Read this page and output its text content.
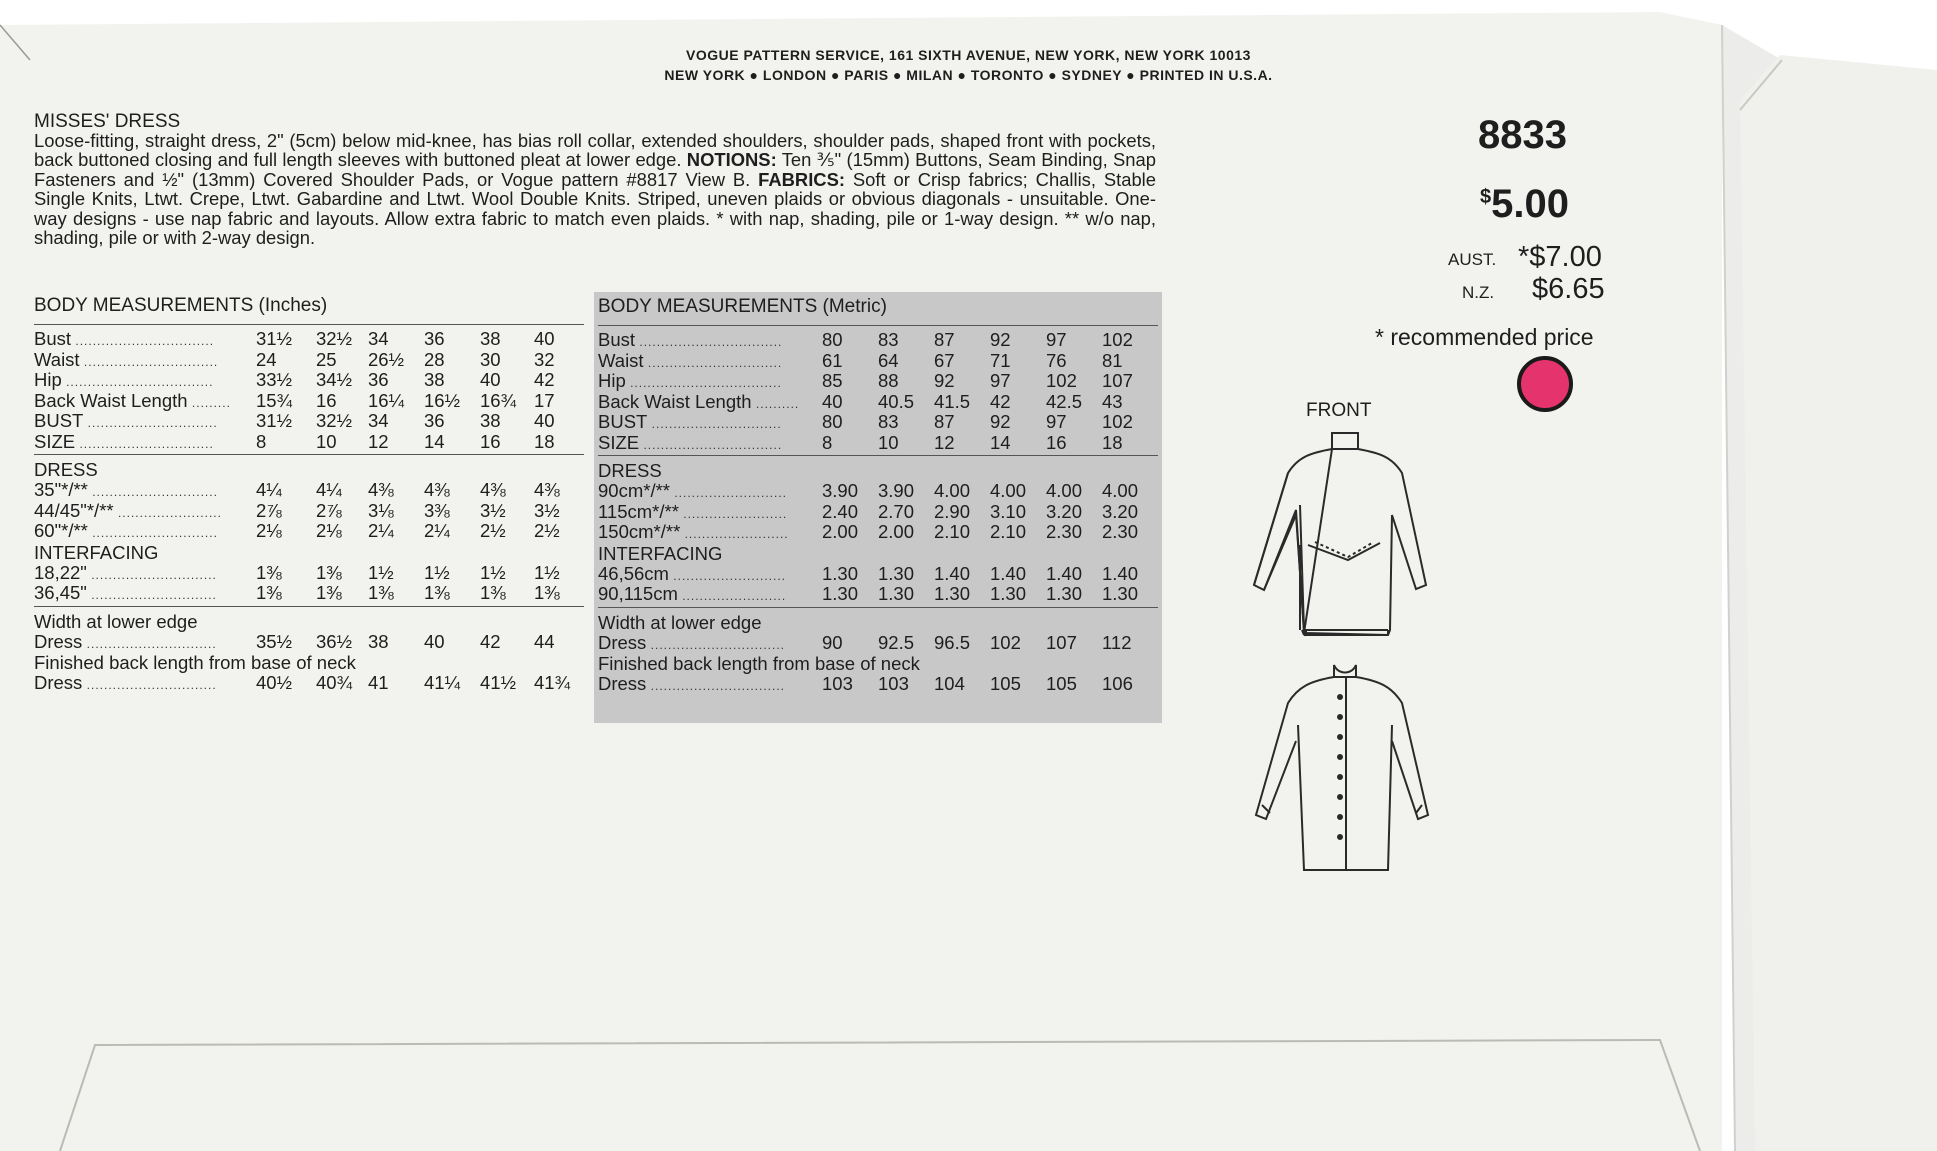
VOGUE PATTERN SERVICE, 161 SIXTH AVENUE, NEW YORK, NEW YORK 10013
NEW YORK ● LONDON ● PARIS ● MILAN ● TORONTO ● SYDNEY ● PRINTED IN U.S.A.
MISSES' DRESS
Loose-fitting, straight dress, 2" (5cm) below mid-knee, has bias roll collar, extended shoulders, shoulder pads, shaped front with pockets, back buttoned closing and full length sleeves with buttoned pleat at lower edge. NOTIONS: Ten ⅗" (15mm) Buttons, Seam Binding, Snap Fasteners and ½" (13mm) Covered Shoulder Pads, or Vogue pattern #8817 View B. FABRICS: Soft or Crisp fabrics; Challis, Stable Single Knits, Ltwt. Crepe, Ltwt. Gabardine and Ltwt. Wool Double Knits. Striped, uneven plaids or obvious diagonals - unsuitable. One-way designs - use nap fabric and layouts. Allow extra fabric to match even plaids. * with nap, shading, pile or 1-way design. ** w/o nap, shading, pile or with 2-way design.
BODY MEASUREMENTS (Inches)
Bust ................................ 31½ 32½ 34 36 38 40
Waist ............................... 24 25 26½ 28 30 32
Hip .................................. 33½ 34½ 36 38 40 42
Back Waist Length ......... 15¾ 16 16¼ 16½ 16¾ 17
BUST .............................. 31½ 32½ 34 36 38 40
SIZE ............................... 8	10 12 14 16 18
DRESS
35"*/** ............................. 4¼ 4¼ 4⅜ 4⅜ 4⅜ 4⅜
44/45"*/** ........................ 2⅞ 2⅞ 3⅛ 3⅜ 3½ 3½
60"*/** ............................. 2⅛ 2⅛ 2¼ 2¼ 2½ 2½
INTERFACING
18,22" ............................. 1⅜ 1⅜ 1½ 1½ 1½ 1½
36,45" ............................. 1⅜ 1⅜ 1⅜ 1⅜ 1⅜ 1⅜
Width at lower edge
Dress .............................. 35½ 36½ 38 40 42 44
Finished back length from base of neck
Dress .............................. 40½ 40¾ 41 41¼ 41½ 41¾
BODY MEASUREMENTS (Metric)
Bust ................................. 80 83 87 92 97 102
Waist ............................... 61 64 67 71 76 81
Hip ................................... 85 88 92 97 102 107
Back Waist Length .......... 40 40.5 41.5 42 42.5 43
BUST .............................. 80 83 87 92 97 102
SIZE ................................ 8 10 12 14 16 18
DRESS
90cm*/** .......................... 3.90 3.90 4.00 4.00 4.00 4.00
115cm*/** ........................ 2.40 2.70 2.90 3.10 3.20 3.20
150cm*/** ........................ 2.00 2.00 2.10 2.10 2.30 2.30
INTERFACING
46,56cm .......................... 1.30 1.30 1.40 1.40 1.40 1.40
90,115cm ........................ 1.30 1.30 1.30 1.30 1.30 1.30
Width at lower edge
Dress ............................... 90 92.5 96.5 102 107 112
Finished back length from base of neck
Dress ............................... 103 103 104 105 105 106
8833
$5.00
AUST. *$7.00
N.Z. $6.65
* recommended price
FRONT
